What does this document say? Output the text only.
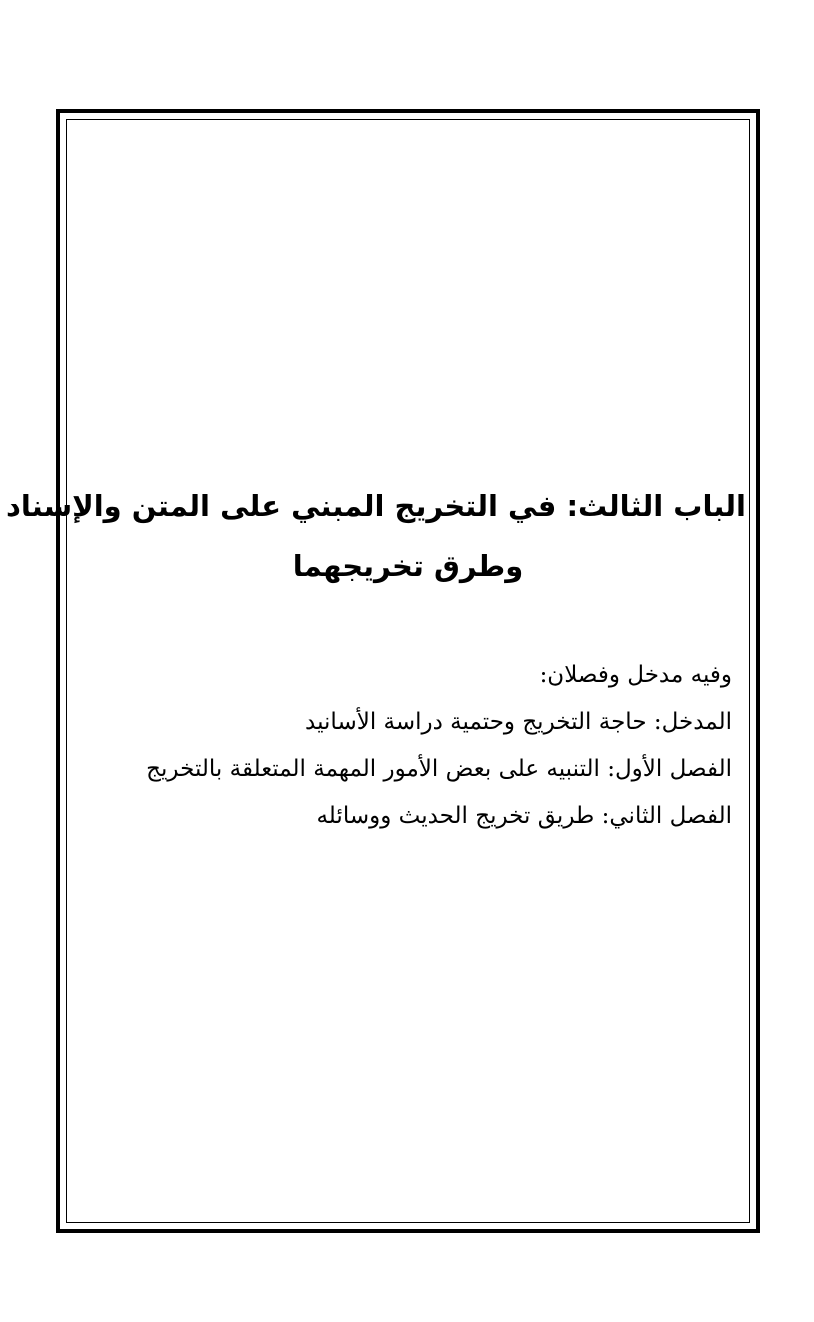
الباب الثالث: في التخريج المبني على المتن والإسناد

وطرق تخريجهما

وفيه مدخل وفصلان:

المدخل: حاجة التخريج وحتمية دراسة الأسانيد

الفصل الأول: التنبيه على بعض الأمور المهمة المتعلقة بالتخريج

الفصل الثاني: طريق تخريج الحديث ووسائله
